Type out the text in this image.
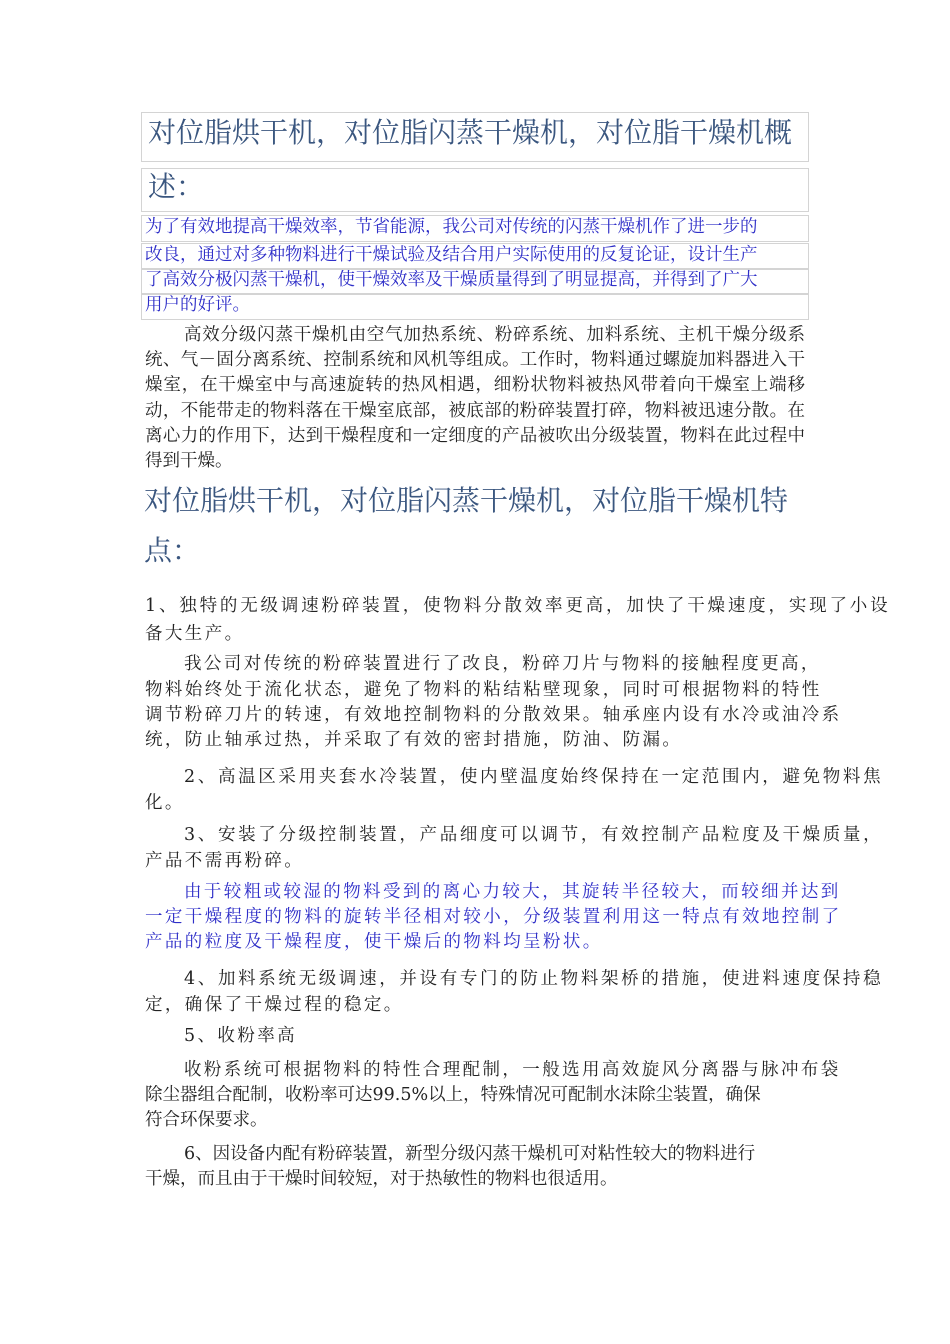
对位脂烘干机，对位脂闪蒸干燥机，对位脂干燥机概
述：
为了有效地提高干燥效率，节省能源，我公司对传统的闪蒸干燥机作了进一步的
改良，通过对多种物料进行干燥试验及结合用户实际使用的反复论证，设计生产
了高效分极闪蒸干燥机，使干燥效率及干燥质量得到了明显提高，并得到了广大
用户的好评。

高效分级闪蒸干燥机由空气加热系统、粉碎系统、加料系统、主机干燥分级系统、气－固分离系统、控制系统和风机等组成。工作时，物料通过螺旋加料器进入干燥室，在干燥室中与高速旋转的热风相遇，细粉状物料被热风带着向干燥室上端移动，不能带走的物料落在干燥室底部，被底部的粉碎装置打碎，物料被迅速分散。在离心力的作用下，达到干燥程度和一定细度的产品被吹出分级装置，物料在此过程中得到干燥。

对位脂烘干机，对位脂闪蒸干燥机，对位脂干燥机特
点：

1、独特的无级调速粉碎装置，使物料分散效率更高，加快了干燥速度，实现了小设备大生产。

我公司对传统的粉碎装置进行了改良，粉碎刀片与物料的接触程度更高，
物料始终处于流化状态，避免了物料的粘结粘壁现象，同时可根据物料的特性
调节粉碎刀片的转速，有效地控制物料的分散效果。轴承座内设有水冷或油冷系
统，防止轴承过热，并采取了有效的密封措施，防油、防漏。

2、高温区采用夹套水冷装置，使内壁温度始终保持在一定范围内，避免物料焦化。

3、安装了分级控制装置，产品细度可以调节，有效控制产品粒度及干燥质量，产品不需再粉碎。

由于较粗或较湿的物料受到的离心力较大，其旋转半径较大，而较细并达到
一定干燥程度的物料的旋转半径相对较小，分级装置利用这一特点有效地控制了
产品的粒度及干燥程度，使干燥后的物料均呈粉状。

4、加料系统无级调速，并设有专门的防止物料架桥的措施，使进料速度保持稳定，确保了干燥过程的稳定。

5、收粉率高
收粉系统可根据物料的特性合理配制，一般选用高效旋风分离器与脉冲布袋
除尘器组合配制，收粉率可达99.5%以上，特殊情况可配制水沫除尘装置，确保
符合环保要求。
6、因设备内配有粉碎装置，新型分级闪蒸干燥机可对粘性较大的物料进行
干燥，而且由于干燥时间较短，对于热敏性的物料也很适用。
